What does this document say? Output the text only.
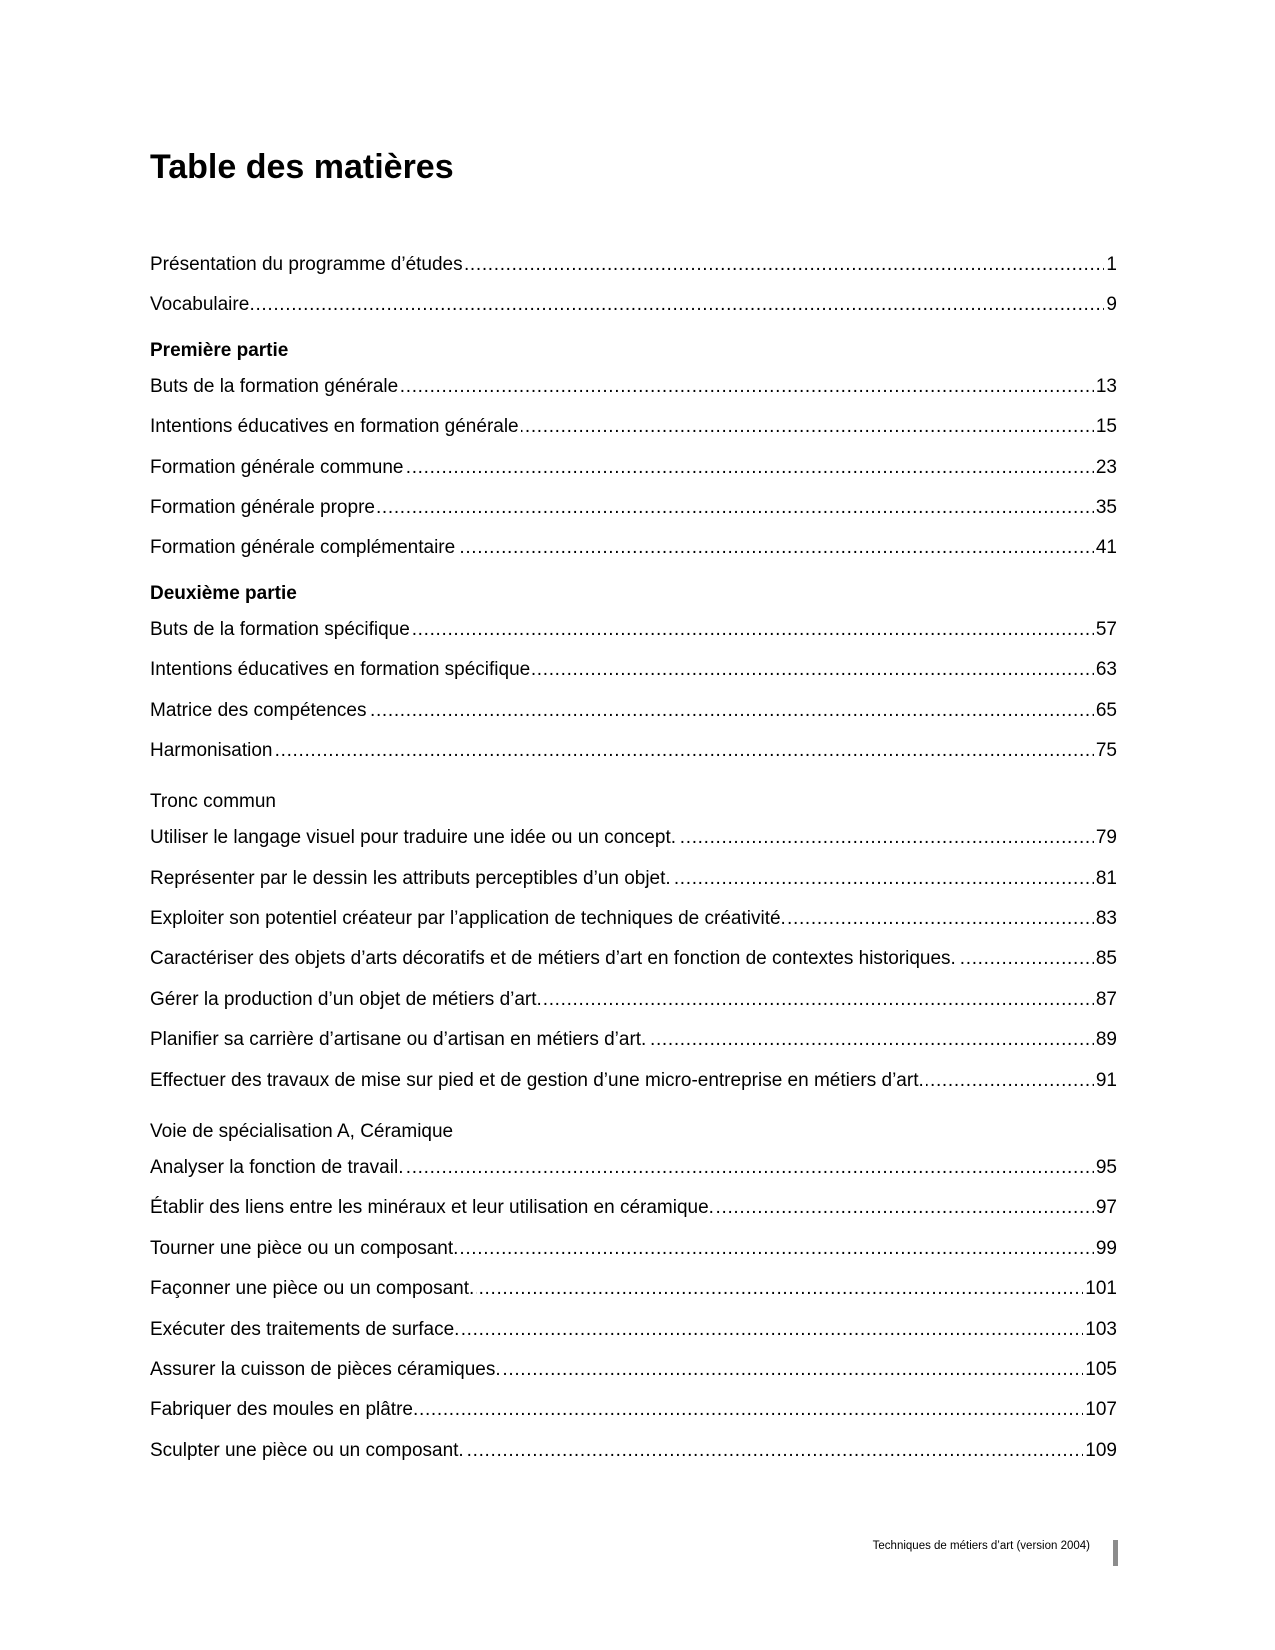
Table des matières
Présentation du programme d’études . . .	1
Vocabulaire . . .	9
Première partie
Buts de la formation générale . . .	13
Intentions éducatives en formation générale . . .	15
Formation générale commune . . .	23
Formation générale propre . . .	35
Formation générale complémentaire . . .	41
Deuxième partie
Buts de la formation spécifique . . .	57
Intentions éducatives en formation spécifique . . .	63
Matrice des compétences . . .	65
Harmonisation . . .	75
Tronc commun
Utiliser le langage visuel pour traduire une idée ou un concept. . . .	79
Représenter par le dessin les attributs perceptibles d’un objet. . . .	81
Exploiter son potentiel créateur par l’application de techniques de créativité. . . .	83
Caractériser des objets d’arts décoratifs et de métiers d’art en fonction de contextes historiques. . . .	85
Gérer la production d’un objet de métiers d’art. . . .	87
Planifier sa carrière d’artisane ou d’artisan en métiers d’art. . . .	89
Effectuer des travaux de mise sur pied et de gestion d’une micro-entreprise en métiers d’art. . . .	91
Voie de spécialisation A, Céramique
Analyser la fonction de travail. . . .	95
Établir des liens entre les minéraux et leur utilisation en céramique. . . .	97
Tourner une pièce ou un composant. . . .	99
Façonner une pièce ou un composant. . . .	101
Exécuter des traitements de surface. . . .	103
Assurer la cuisson de pièces céramiques. . . .	105
Fabriquer des moules en plâtre. . . .	107
Sculpter une pièce ou un composant. . . .	109
Techniques de métiers d’art (version 2004)
